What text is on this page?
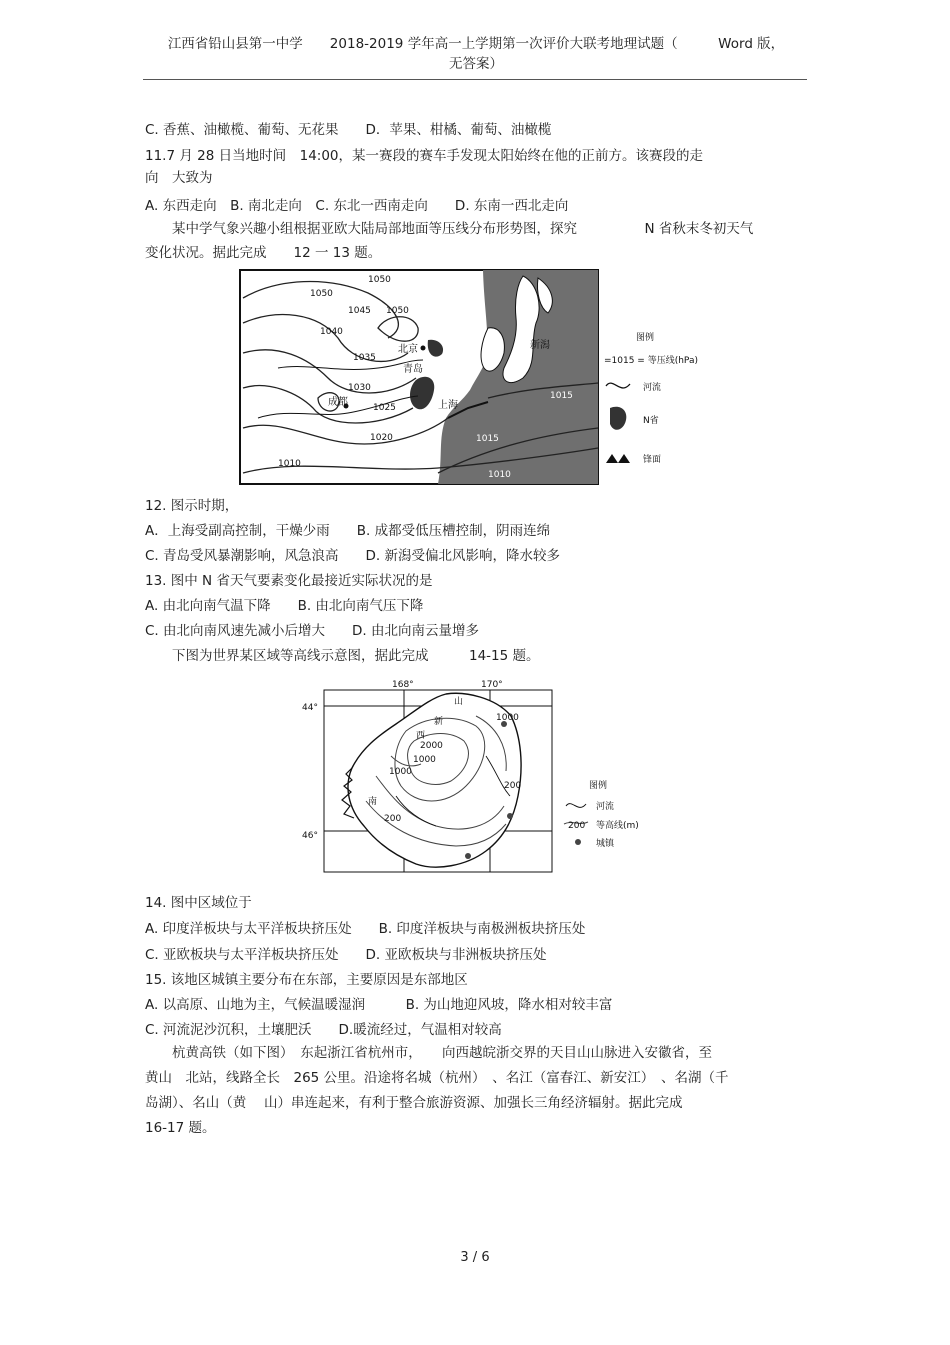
江西省铅山县第一中学　　2018-2019 学年高一上学期第一次评价大联考地理试题（　　　Word 版，
无答案）
C. 香蕉、油橄榄、葡萄、无花果　　D．苹果、柑橘、葡萄、油橄榄
11.7 月 28 日当地时间　14:00，某一赛段的赛车手发现太阳始终在他的正前方。该赛段的走
向　大致为
A. 东西走向　B. 南北走向　C. 东北一西南走向　　D. 东南一西北走向
某中学气象兴趣小组根据亚欧大陆局部地面等压线分布形势图，探究　　　　　N 省秋末冬初天气
变化状况。据此完成　　12 一 13 题。
1050
1050
1045 1050
1040
1035
1030
1025
1020
1010
1015
1015
1010
北京
青岛
成都	上海
新潟
图例
=1015 = 等压线(hPa)
河流
N省
锋面
12. 图示时期，
A．上海受副高控制，干燥少雨　　B. 成都受低压槽控制，阴雨连绵
C. 青岛受风暴潮影响，风急浪高　　D. 新潟受偏北风影响，降水较多
13. 图中 N 省天气要素变化最接近实际状况的是
A. 由北向南气温下降　　B. 由北向南气压下降
C. 由北向南风速先减小后增大　　D. 由北向南云量增多
下图为世界某区域等高线示意图，据此完成　　　14-15 题。
168°	170°
44°
46°
山
新
西
2000
1000
1000
1000
200
200
南
图例
河流
200 等高线(m)
城镇
14. 图中区域位于
A. 印度洋板块与太平洋板块挤压处　　B. 印度洋板块与南极洲板块挤压处
C. 亚欧板块与太平洋板块挤压处　　D. 亚欧板块与非洲板块挤压处
15. 该地区城镇主要分布在东部，主要原因是东部地区
A. 以高原、山地为主，气候温暖湿润　　　B. 为山地迎风坡，降水相对较丰富
C. 河流泥沙沉积，土壤肥沃　　D.暖流经过，气温相对较高
杭黄高铁（如下图）　东起浙江省杭州市，　　向西越皖浙交界的天目山山脉进入安徽省，至
黄山　北站，线路全长　265 公里。沿途将名城（杭州）　、名江（富春江、新安江）　、名湖（千
岛湖）、名山（黄　 山）串连起来，有利于整合旅游资源、加强长三角经济辐射。据此完成
16-17 题。
3 / 6
